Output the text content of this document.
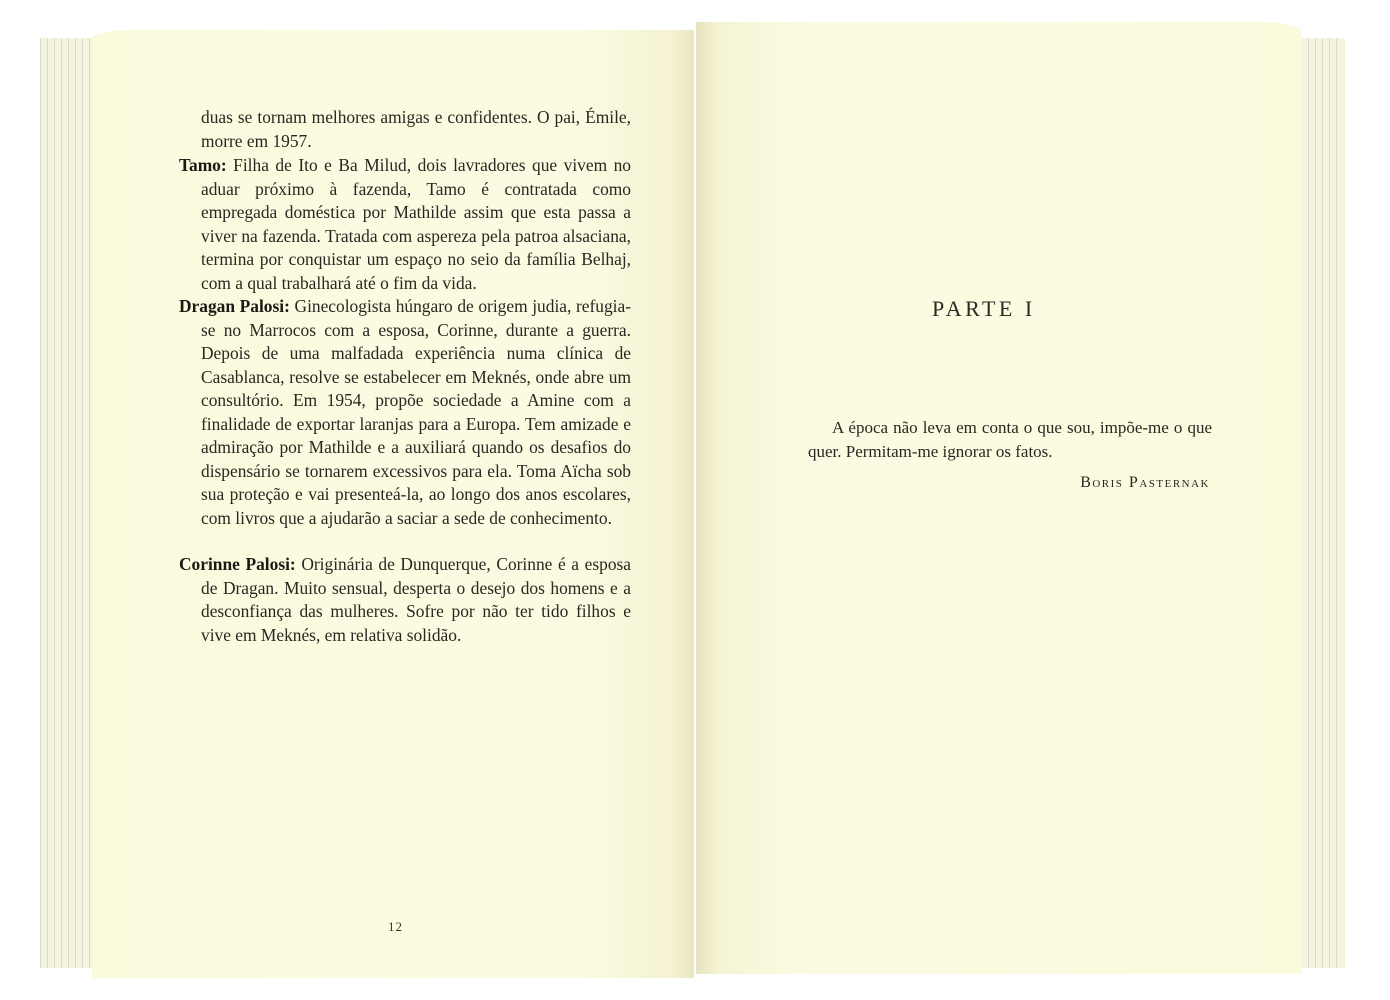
duas se tornam melhores amigas e confidentes. O pai, Émile, morre em 1957.

Tamo: Filha de Ito e Ba Milud, dois lavradores que vivem no aduar próximo à fazenda, Tamo é contratada como empregada doméstica por Mathilde assim que esta passa a viver na fazenda. Tratada com aspereza pela patroa alsaciana, termina por conquistar um espaço no seio da família Belhaj, com a qual trabalhará até o fim da vida.

Dragan Palosi: Ginecologista húngaro de origem judia, refugia-se no Marrocos com a esposa, Corinne, durante a guerra. Depois de uma malfadada experiência numa clínica de Casablanca, resolve se estabelecer em Meknés, onde abre um consultório. Em 1954, propõe sociedade a Amine com a finalidade de exportar laranjas para a Europa. Tem amizade e admiração por Mathilde e a auxiliará quando os desafios do dispensário se tornarem excessivos para ela. Toma Aïcha sob sua proteção e vai presenteá-la, ao longo dos anos escolares, com livros que a ajudarão a saciar a sede de conhecimento.

Corinne Palosi: Originária de Dunquerque, Corinne é a esposa de Dragan. Muito sensual, desperta o desejo dos homens e a desconfiança das mulheres. Sofre por não ter tido filhos e vive em Meknés, em relativa solidão.

12
PARTE I
A época não leva em conta o que sou, impõe-me o que quer. Permitam-me ignorar os fatos.
Boris Pasternak
